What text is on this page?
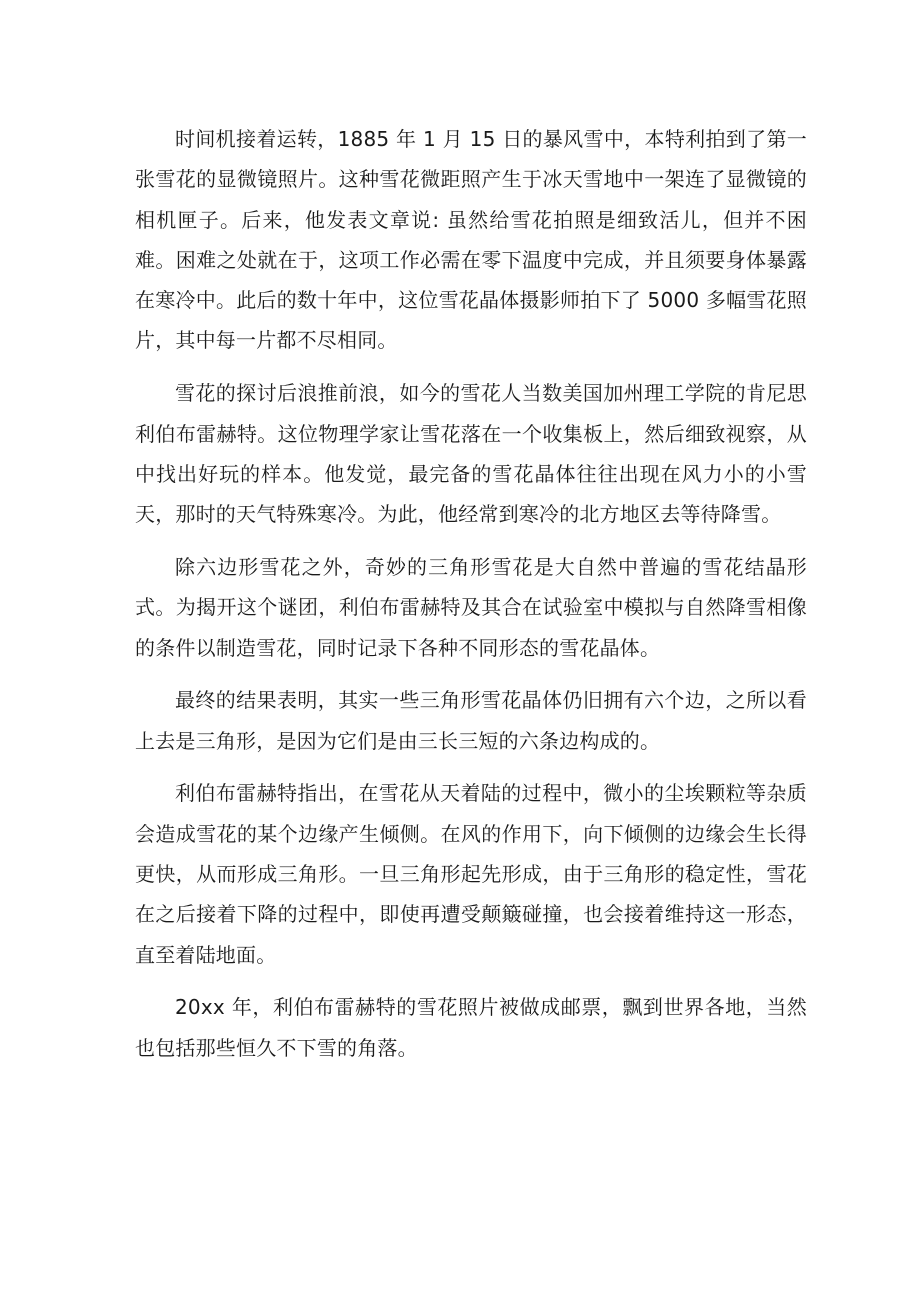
时间机接着运转，1885 年 1 月 15 日的暴风雪中，本特利拍到了第一张雪花的显微镜照片。这种雪花微距照产生于冰天雪地中一架连了显微镜的相机匣子。后来，他发表文章说: 虽然给雪花拍照是细致活儿，但并不困难。困难之处就在于，这项工作必需在零下温度中完成，并且须要身体暴露在寒冷中。此后的数十年中，这位雪花晶体摄影师拍下了 5000 多幅雪花照片，其中每一片都不尽相同。

雪花的探讨后浪推前浪，如今的雪花人当数美国加州理工学院的肯尼思利伯布雷赫特。这位物理学家让雪花落在一个收集板上，然后细致视察，从中找出好玩的样本。他发觉，最完备的雪花晶体往往出现在风力小的小雪天，那时的天气特殊寒冷。为此，他经常到寒冷的北方地区去等待降雪。

除六边形雪花之外，奇妙的三角形雪花是大自然中普遍的雪花结晶形式。为揭开这个谜团，利伯布雷赫特及其合在试验室中模拟与自然降雪相像的条件以制造雪花，同时记录下各种不同形态的雪花晶体。

最终的结果表明，其实一些三角形雪花晶体仍旧拥有六个边，之所以看上去是三角形，是因为它们是由三长三短的六条边构成的。

利伯布雷赫特指出，在雪花从天着陆的过程中，微小的尘埃颗粒等杂质会造成雪花的某个边缘产生倾侧。在风的作用下，向下倾侧的边缘会生长得更快，从而形成三角形。一旦三角形起先形成，由于三角形的稳定性，雪花在之后接着下降的过程中，即使再遭受颠簸碰撞，也会接着维持这一形态，直至着陆地面。

20xx 年，利伯布雷赫特的雪花照片被做成邮票，飘到世界各地，当然也包括那些恒久不下雪的角落。
